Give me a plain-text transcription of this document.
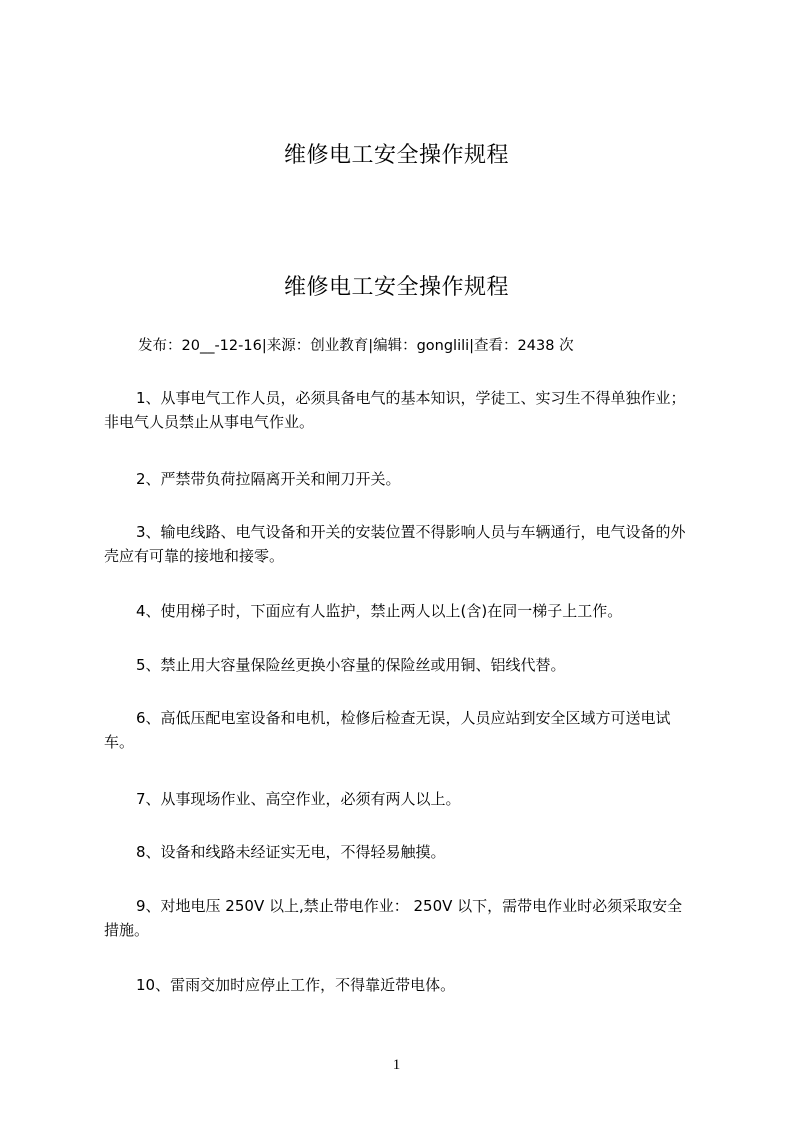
维修电工安全操作规程
维修电工安全操作规程
发布：20__-12-16|来源：创业教育|编辑：gonglili|查看：2438 次

1、从事电气工作人员，必须具备电气的基本知识，学徒工、实习生不得单独作业；非电气人员禁止从事电气作业。

2、严禁带负荷拉隔离开关和闸刀开关。

3、输电线路、电气设备和开关的安装位置不得影响人员与车辆通行，电气设备的外壳应有可靠的接地和接零。

4、使用梯子时，下面应有人监护，禁止两人以上(含)在同一梯子上工作。

5、禁止用大容量保险丝更换小容量的保险丝或用铜、铝线代替。

6、高低压配电室设备和电机，检修后检查无误，人员应站到安全区域方可送电试车。

7、从事现场作业、高空作业，必须有两人以上。

8、设备和线路未经证实无电，不得轻易触摸。

9、对地电压 250V 以上,禁止带电作业： 250V 以下，需带电作业时必须采取安全措施。

10、雷雨交加时应停止工作，不得靠近带电体。

1
